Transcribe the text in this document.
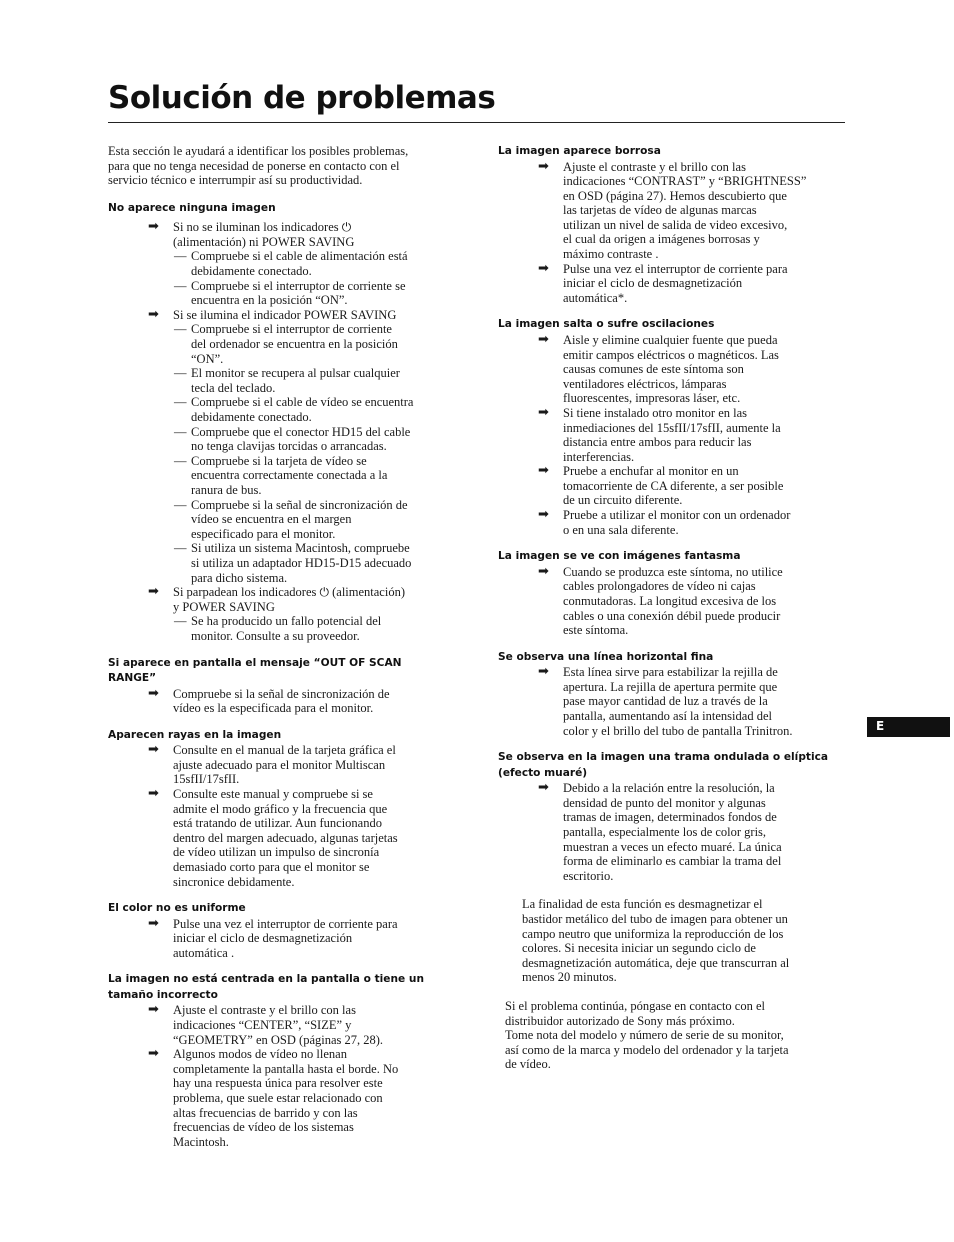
Solución de problemas
Esta sección le ayudará a identificar los posibles problemas,
para que no tenga necesidad de ponerse en contacto con el
servicio técnico e interrumpir así su productividad.
No aparece ninguna imagen
➡ Si no se iluminan los indicadores ⏻
(alimentación) ni POWER SAVING
— Compruebe si el cable de alimentación está
debidamente conectado.
— Compruebe si el interruptor de corriente se
encuentra en la posición “ON”.
➡ Si se ilumina el indicador POWER SAVING
— Compruebe si el interruptor de corriente
del ordenador se encuentra en la posición
“ON”.
— El monitor se recupera al pulsar cualquier
tecla del teclado.
— Compruebe si el cable de vídeo se encuentra
debidamente conectado.
— Compruebe que el conector HD15 del cable
no tenga clavijas torcidas o arrancadas.
— Compruebe si la tarjeta de vídeo se
encuentra correctamente conectada a la
ranura de bus.
— Compruebe si la señal de sincronización de
vídeo se encuentra en el margen
especificado para el monitor.
— Si utiliza un sistema Macintosh, compruebe
si utiliza un adaptador HD15-D15 adecuado
para dicho sistema.
➡ Si parpadean los indicadores ⏻ (alimentación)
y POWER SAVING
— Se ha producido un fallo potencial del
monitor. Consulte a su proveedor.
Si aparece en pantalla el mensaje “OUT OF SCAN RANGE”
➡ Compruebe si la señal de sincronización de
vídeo es la especificada para el monitor.
Aparecen rayas en la imagen
➡ Consulte en el manual de la tarjeta gráfica el
ajuste adecuado para el monitor Multiscan
15sfII/17sfII.
➡ Consulte este manual y compruebe si se
admite el modo gráfico y la frecuencia que
está tratando de utilizar. Aun funcionando
dentro del margen adecuado, algunas tarjetas
de vídeo utilizan un impulso de sincronía
demasiado corto para que el monitor se
sincronice debidamente.
El color no es uniforme
➡ Pulse una vez el interruptor de corriente para
iniciar el ciclo de desmagnetización
automática .
La imagen no está centrada en la pantalla o tiene un
tamaño incorrecto
➡ Ajuste el contraste y el brillo con las
indicaciones “CENTER”, “SIZE” y
“GEOMETRY” en OSD (páginas 27, 28).
➡ Algunos modos de vídeo no llenan
completamente la pantalla hasta el borde. No
hay una respuesta única para resolver este
problema, que suele estar relacionado con
altas frecuencias de barrido y con las
frecuencias de vídeo de los sistemas
Macintosh.
La imagen aparece borrosa
➡ Ajuste el contraste y el brillo con las
indicaciones “CONTRAST” y “BRIGHTNESS”
en OSD (página 27). Hemos descubierto que
las tarjetas de vídeo de algunas marcas
utilizan un nivel de salida de video excesivo,
el cual da origen a imágenes borrosas y
máximo contraste .
➡ Pulse una vez el interruptor de corriente para
iniciar el ciclo de desmagnetización
automática*.
La imagen salta o sufre oscilaciones
➡ Aisle y elimine cualquier fuente que pueda
emitir campos eléctricos o magnéticos. Las
causas comunes de este síntoma son
ventiladores eléctricos, lámparas
fluorescentes, impresoras láser, etc.
➡ Si tiene instalado otro monitor en las
inmediaciones del 15sfII/17sfII, aumente la
distancia entre ambos para reducir las
interferencias.
➡ Pruebe a enchufar al monitor en un
tomacorriente de CA diferente, a ser posible
de un circuito diferente.
➡ Pruebe a utilizar el monitor con un ordenador
o en una sala diferente.
La imagen se ve con imágenes fantasma
➡ Cuando se produzca este síntoma, no utilice
cables prolongadores de vídeo ni cajas
conmutadoras. La longitud excesiva de los
cables o una conexión débil puede producir
este síntoma.
Se observa una línea horizontal fina
➡ Esta línea sirve para estabilizar la rejilla de
apertura. La rejilla de apertura permite que
pase mayor cantidad de luz a través de la
pantalla, aumentando así la intensidad del
color y el brillo del tubo de pantalla Trinitron.
Se observa en la imagen una trama ondulada o elíptica
(efecto muaré)
➡ Debido a la relación entre la resolución, la
densidad de punto del monitor y algunas
tramas de imagen, determinados fondos de
pantalla, especialmente los de color gris,
muestran a veces un efecto muaré. La única
forma de eliminarlo es cambiar la trama del
escritorio.
La finalidad de esta función es desmagnetizar el
bastidor metálico del tubo de imagen para obtener un
campo neutro que uniformiza la reproducción de los
colores. Si necesita iniciar un segundo ciclo de
desmagnetización automática, deje que transcurran al
menos 20 minutos.
Si el problema continúa, póngase en contacto con el
distribuidor autorizado de Sony más próximo.
Tome nota del modelo y número de serie de su monitor,
así como de la marca y modelo del ordenador y la tarjeta
de vídeo.
E
